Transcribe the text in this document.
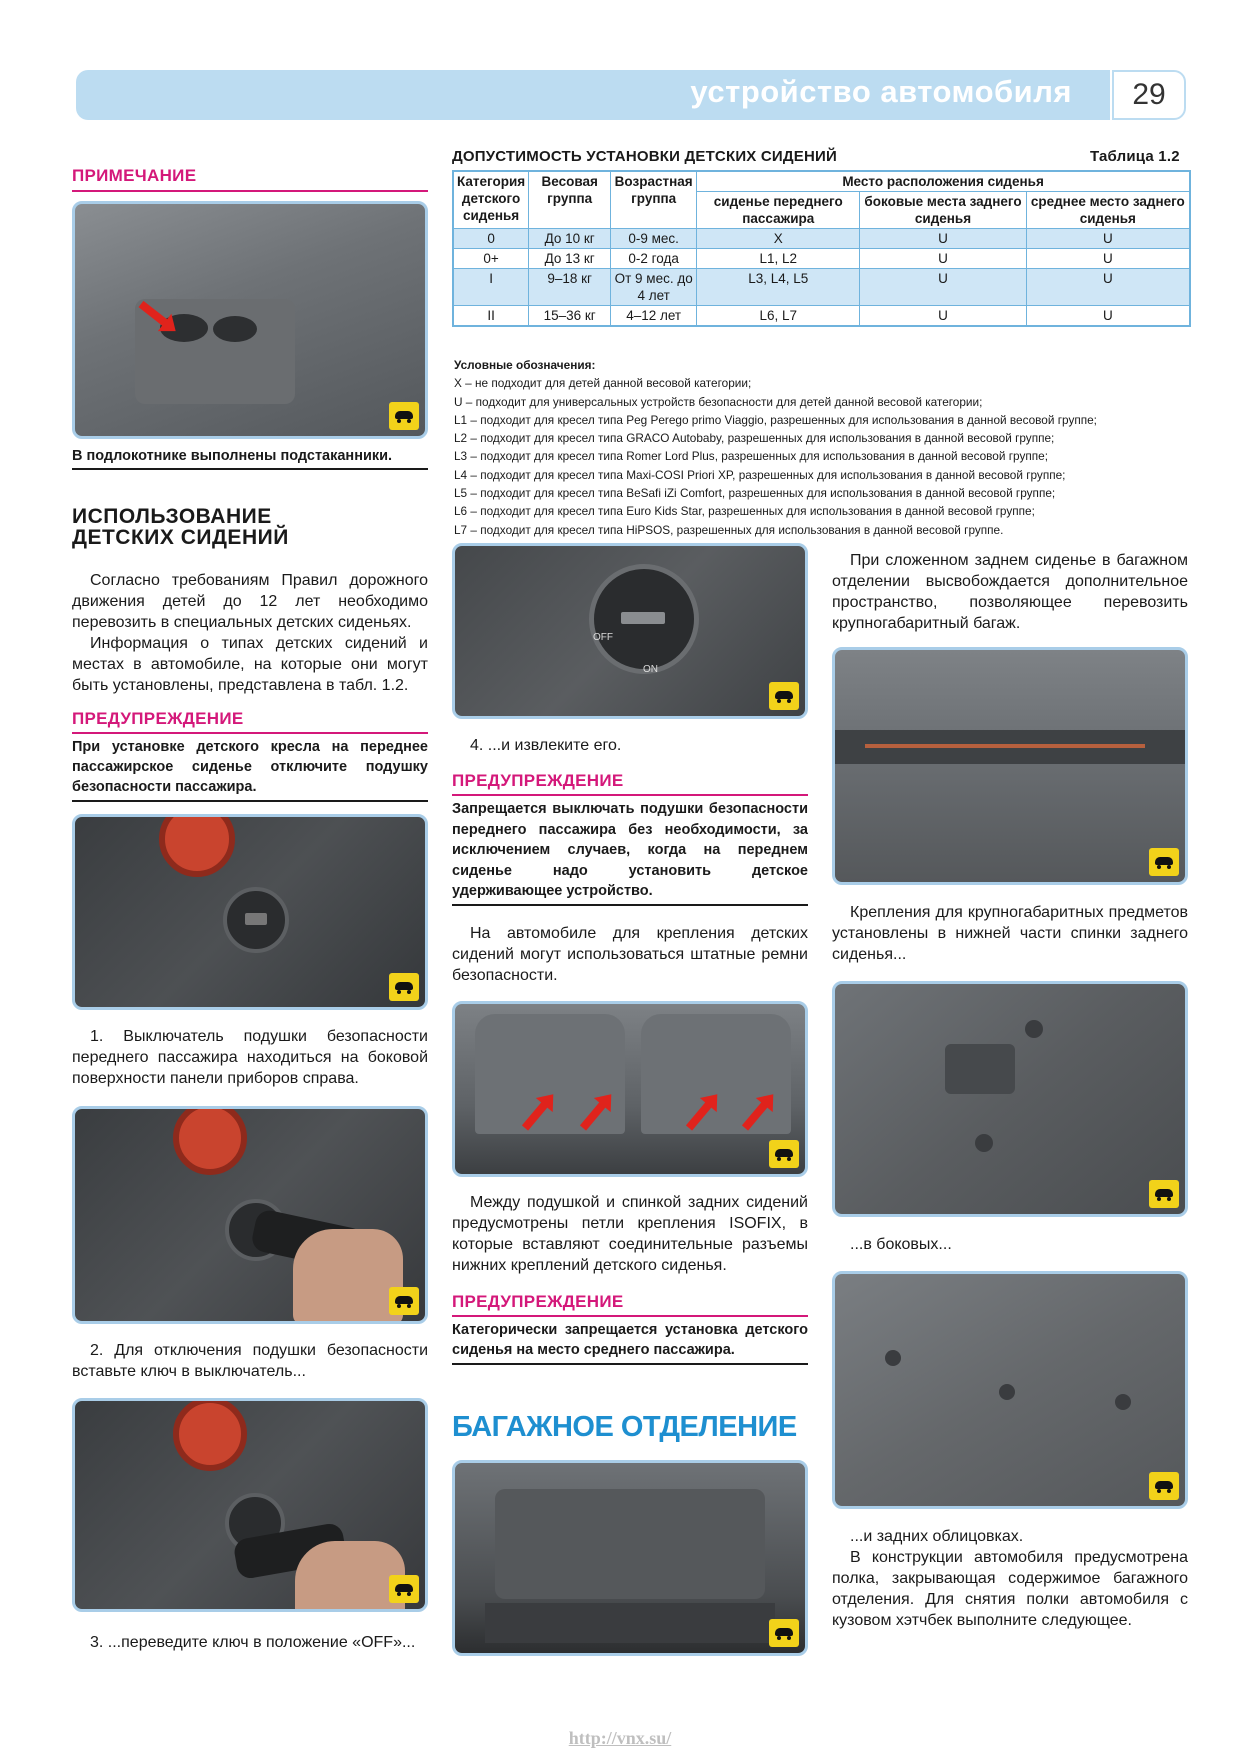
устройство автомобиля	29
ПРИМЕЧАНИЕ
В подлокотнике выполнены подстаканники.
ИСПОЛЬЗОВАНИЕ
ДЕТСКИХ СИДЕНИЙ
Согласно требованиям Правил дорожного движения детей до 12 лет необходимо перевозить в специальных детских сиденьях.
Информация о типах детских сидений и местах в автомобиле, на которые они могут быть установлены, представлена в табл. 1.2.
ПРЕДУПРЕЖДЕНИЕ
При установке детского кресла на переднее пассажирское сиденье отключите подушку безопасности пассажира.
1. Выключатель подушки безопасности переднего пассажира находиться на боковой поверхности панели приборов справа.
2. Для отключения подушки безопасности вставьте ключ в выключатель...
3. ...переведите ключ в положение «OFF»...
ДОПУСТИМОСТЬ УСТАНОВКИ ДЕТСКИХ СИДЕНИЙ	Таблица 1.2
Категория детского сиденья	Весовая группа	Возрастная группа	Место расположения сиденья		
			сиденье переднего пассажира	боковые места заднего сиденья	среднее место заднего сиденья
0	До 10 кг	0-9 мес.	X	U	U
0+	До 13 кг	0-2 года	L1, L2	U	U
I	9–18 кг	От 9 мес. до 4 лет	L3, L4, L5	U	U
II	15–36 кг	4–12 лет	L6, L7	U	U
Условные обозначения:
X – не подходит для детей данной весовой категории;
U – подходит для универсальных устройств безопасности для детей данной весовой категории;
L1 – подходит для кресел типа Peg Perego primo Viaggio, разрешенных для использования в данной весовой группе;
L2 – подходит для кресел типа GRACO Autobaby, разрешенных для использования в данной весовой группе;
L3 – подходит для кресел типа Romer Lord Plus, разрешенных для использования в данной весовой группе;
L4 – подходит для кресел типа Maxi-COSI Priori XP, разрешенных для использования в данной весовой группе;
L5 – подходит для кресел типа BeSafi iZi Comfort, разрешенных для использования в данной весовой группе;
L6 – подходит для кресел типа Euro Kids Star, разрешенных для использования в данной весовой группе;
L7 – подходит для кресел типа HiPSOS, разрешенных для использования в данной весовой группе.
OFF
ON
4. ...и извлеките его.
ПРЕДУПРЕЖДЕНИЕ
Запрещается выключать подушки безопасности переднего пассажира без необходимости, за исключением случаев, когда на переднем сиденье надо установить детское удерживающее устройство.
На автомобиле для крепления детских сидений могут использоваться штатные ремни безопасности.
Между подушкой и спинкой задних сидений предусмотрены петли крепления ISOFIX, в которые вставляют соединительные разъемы нижних креплений детского сиденья.
ПРЕДУПРЕЖДЕНИЕ
Категорически запрещается установка детского сиденья на место среднего пассажира.
БАГАЖНОЕ ОТДЕЛЕНИЕ
При сложенном заднем сиденье в багажном отделении высвобождается дополнительное пространство, позволяющее перевозить крупногабаритный багаж.
Крепления для крупногабаритных предметов установлены в нижней части спинки заднего сиденья...
...в боковых...
...и задних облицовках.
В конструкции автомобиля предусмотрена полка, закрывающая содержимое багажного отделения. Для снятия полки автомобиля с кузовом хэтчбек выполните следующее.
http://vnx.su/
